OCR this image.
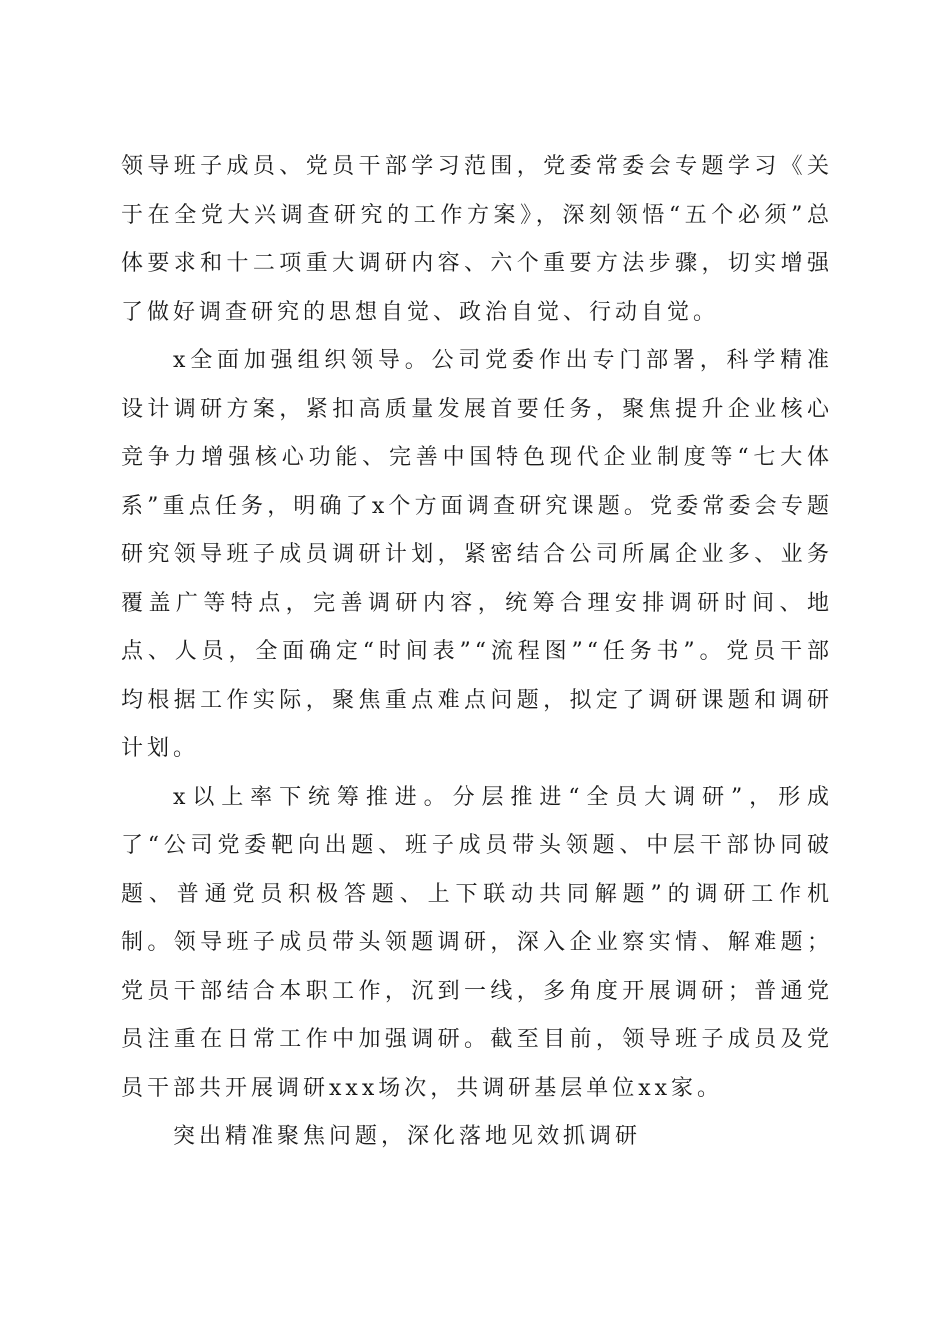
领导班子成员、党员干部学习范围，党委常委会专题学习《关于在全党大兴调查研究的工作方案》，深刻领悟“五个必须”总体要求和十二项重大调研内容、六个重要方法步骤，切实增强了做好调查研究的思想自觉、政治自觉、行动自觉。

x全面加强组织领导。公司党委作出专门部署，科学精准设计调研方案，紧扣高质量发展首要任务，聚焦提升企业核心竞争力增强核心功能、完善中国特色现代企业制度等“七大体系”重点任务，明确了x个方面调查研究课题。党委常委会专题研究领导班子成员调研计划，紧密结合公司所属企业多、业务覆盖广等特点，完善调研内容，统筹合理安排调研时间、地点、人员，全面确定“时间表”“流程图”“任务书”。党员干部均根据工作实际，聚焦重点难点问题，拟定了调研课题和调研计划。

x以上率下统筹推进。分层推进“全员大调研”，形成了“公司党委靶向出题、班子成员带头领题、中层干部协同破题、普通党员积极答题、上下联动共同解题”的调研工作机制。领导班子成员带头领题调研，深入企业察实情、解难题；党员干部结合本职工作，沉到一线，多角度开展调研；普通党员注重在日常工作中加强调研。截至目前，领导班子成员及党员干部共开展调研xxx场次，共调研基层单位xx家。

突出精准聚焦问题，深化落地见效抓调研
